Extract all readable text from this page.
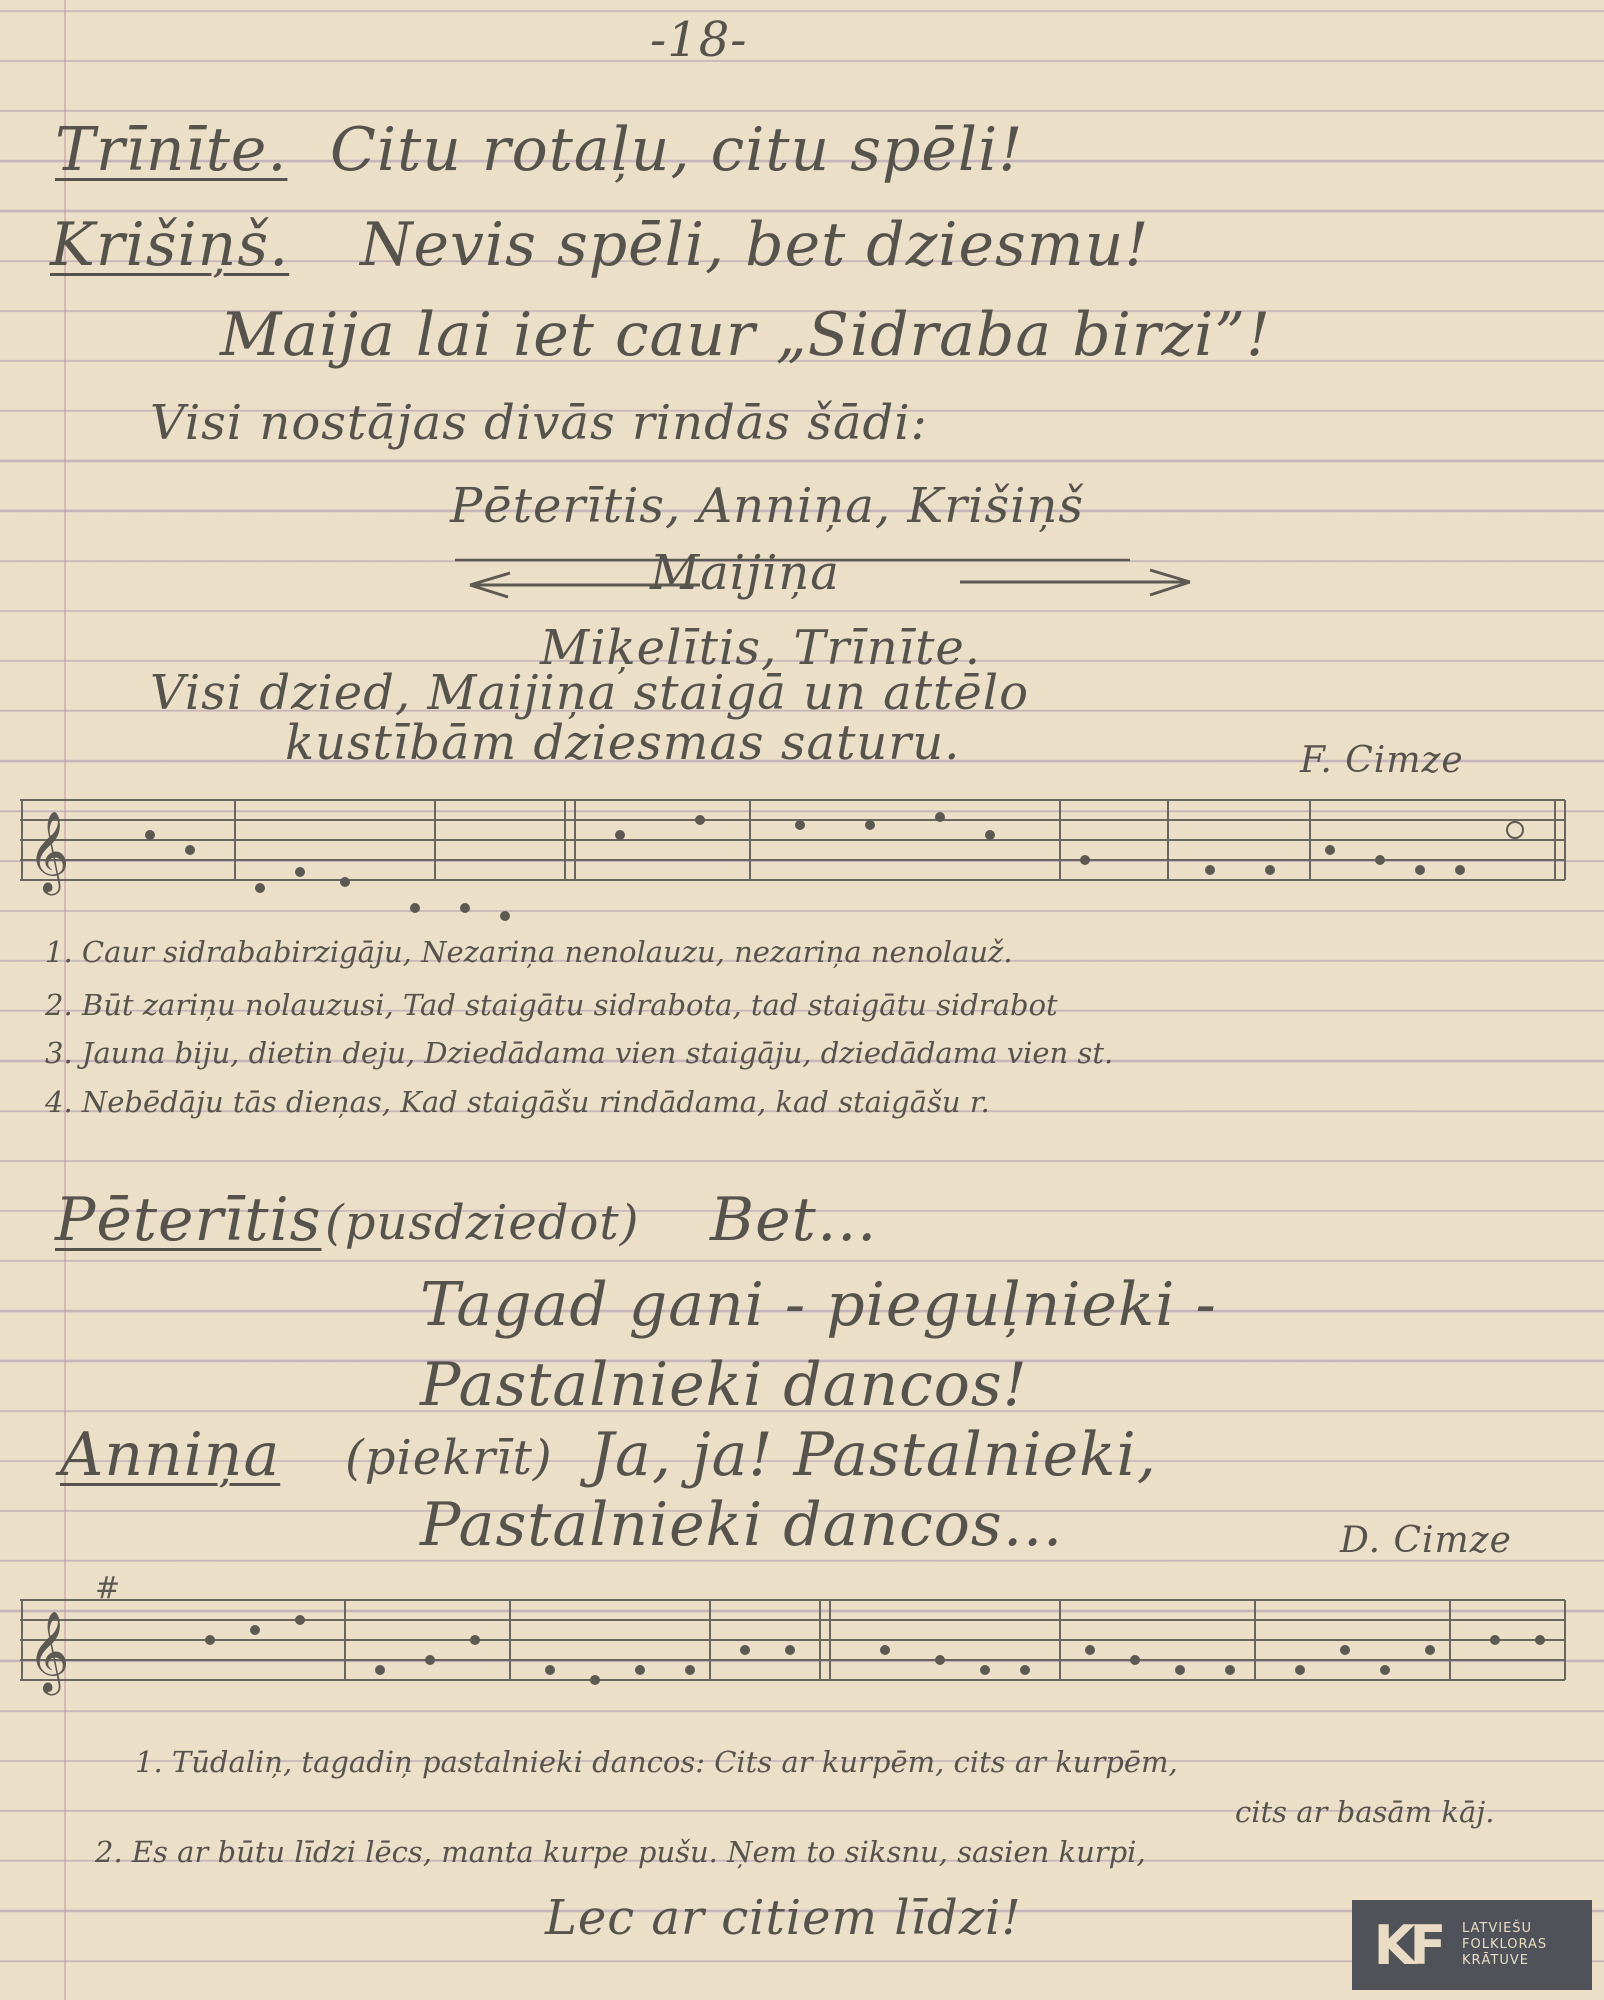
-18-
Trīnīte. Citu rotaļu, citu spēli!
Krišiņš. Nevis spēli, bet dziesmu!
Maija lai iet caur „Sidraba birzi”!
Visi nostājas divās rindās šādi:
Pēterītis, Anniņa, Krišiņš
Maijiņa
Miķelītis, Trīnīte.
Visi dzied, Maijiņa staigā un attēlo
kustībām dziesmas saturu.	F. Cimze
𝄞
1. Caur sidrababirzigāju, Nezariņa nenolauzu, nezariņa nenolauž.
2. Būt zariņu nolauzusi, Tad staigātu sidrabota, tad staigātu sidrabot
3. Jauna biju, dietin deju, Dziedādama vien staigāju, dziedādama vien st.
4. Nebēdāju tās dieņas, Kad staigāšu rindādama, kad staigāšu r.
Pēterītis (pusdziedot) Bet…
Tagad gani - pieguļnieki -
Pastalnieki dancos!
Anniņa (piekrīt) Ja, ja! Pastalnieki,
Pastalnieki dancos…	D. Cimze
𝄞
#
1. Tūdaliņ, tagadiņ pastalnieki dancos: Cits ar kurpēm, cits ar kurpēm,
cits ar basām kāj.
2. Es ar būtu līdzi lēcs, manta kurpe pušu. Ņem to siksnu, sasien kurpi,
Lec ar citiem līdzi!	KF	LATVIEŠU
FOLKLORAS
KRĀTUVE
